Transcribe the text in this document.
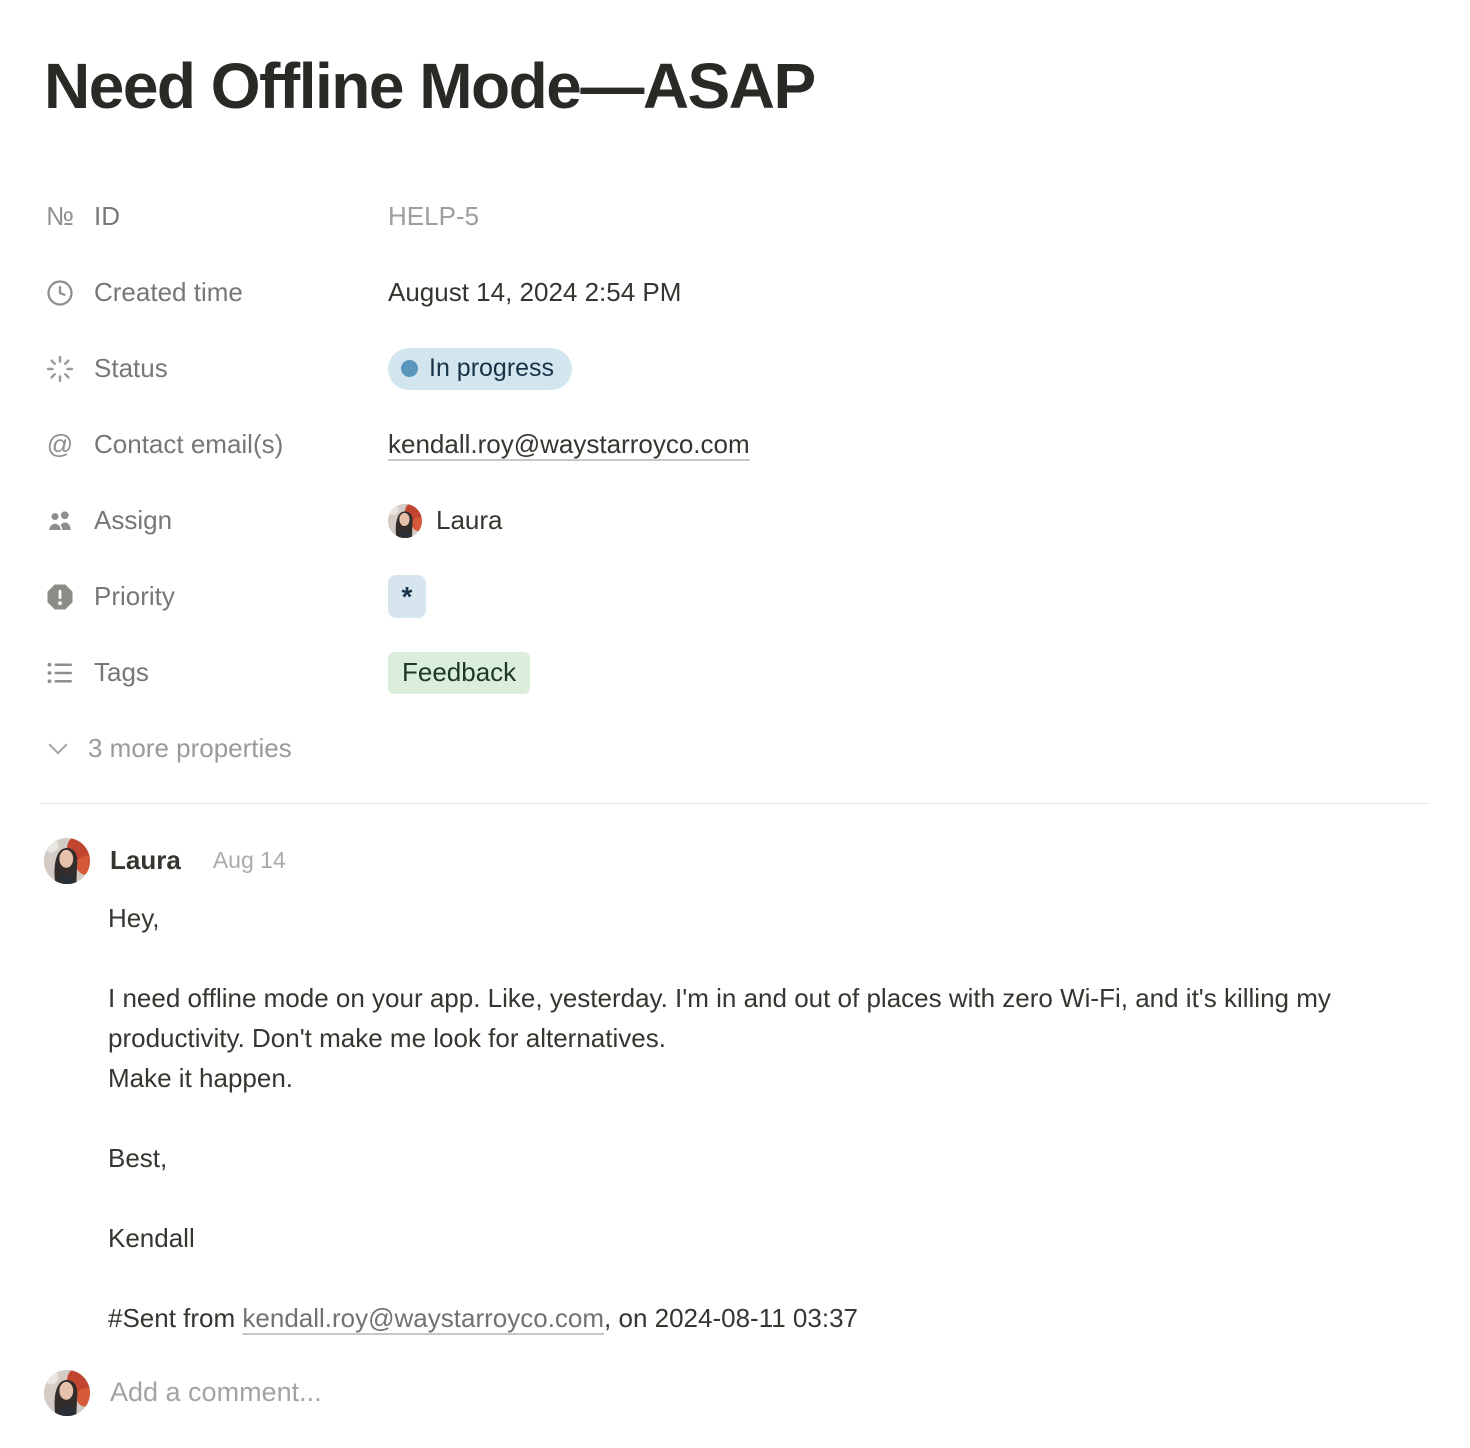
Need Offline Mode—ASAP
№ ID	HELP-5
Created time	August 14, 2024 2:54 PM
Status	In progress
@ Contact email(s)	kendall.roy@waystarroyco.com
Assign	Laura
Priority	*
Tags	Feedback
3 more properties
Laura Aug 14

Hey,

I need offline mode on your app. Like, yesterday. I'm in and out of places with zero Wi-Fi, and it's killing my productivity. Don't make me look for alternatives.
Make it happen.

Best,

Kendall

#Sent from kendall.roy@waystarroyco.com, on 2024-08-11 03:37

Add a comment...
